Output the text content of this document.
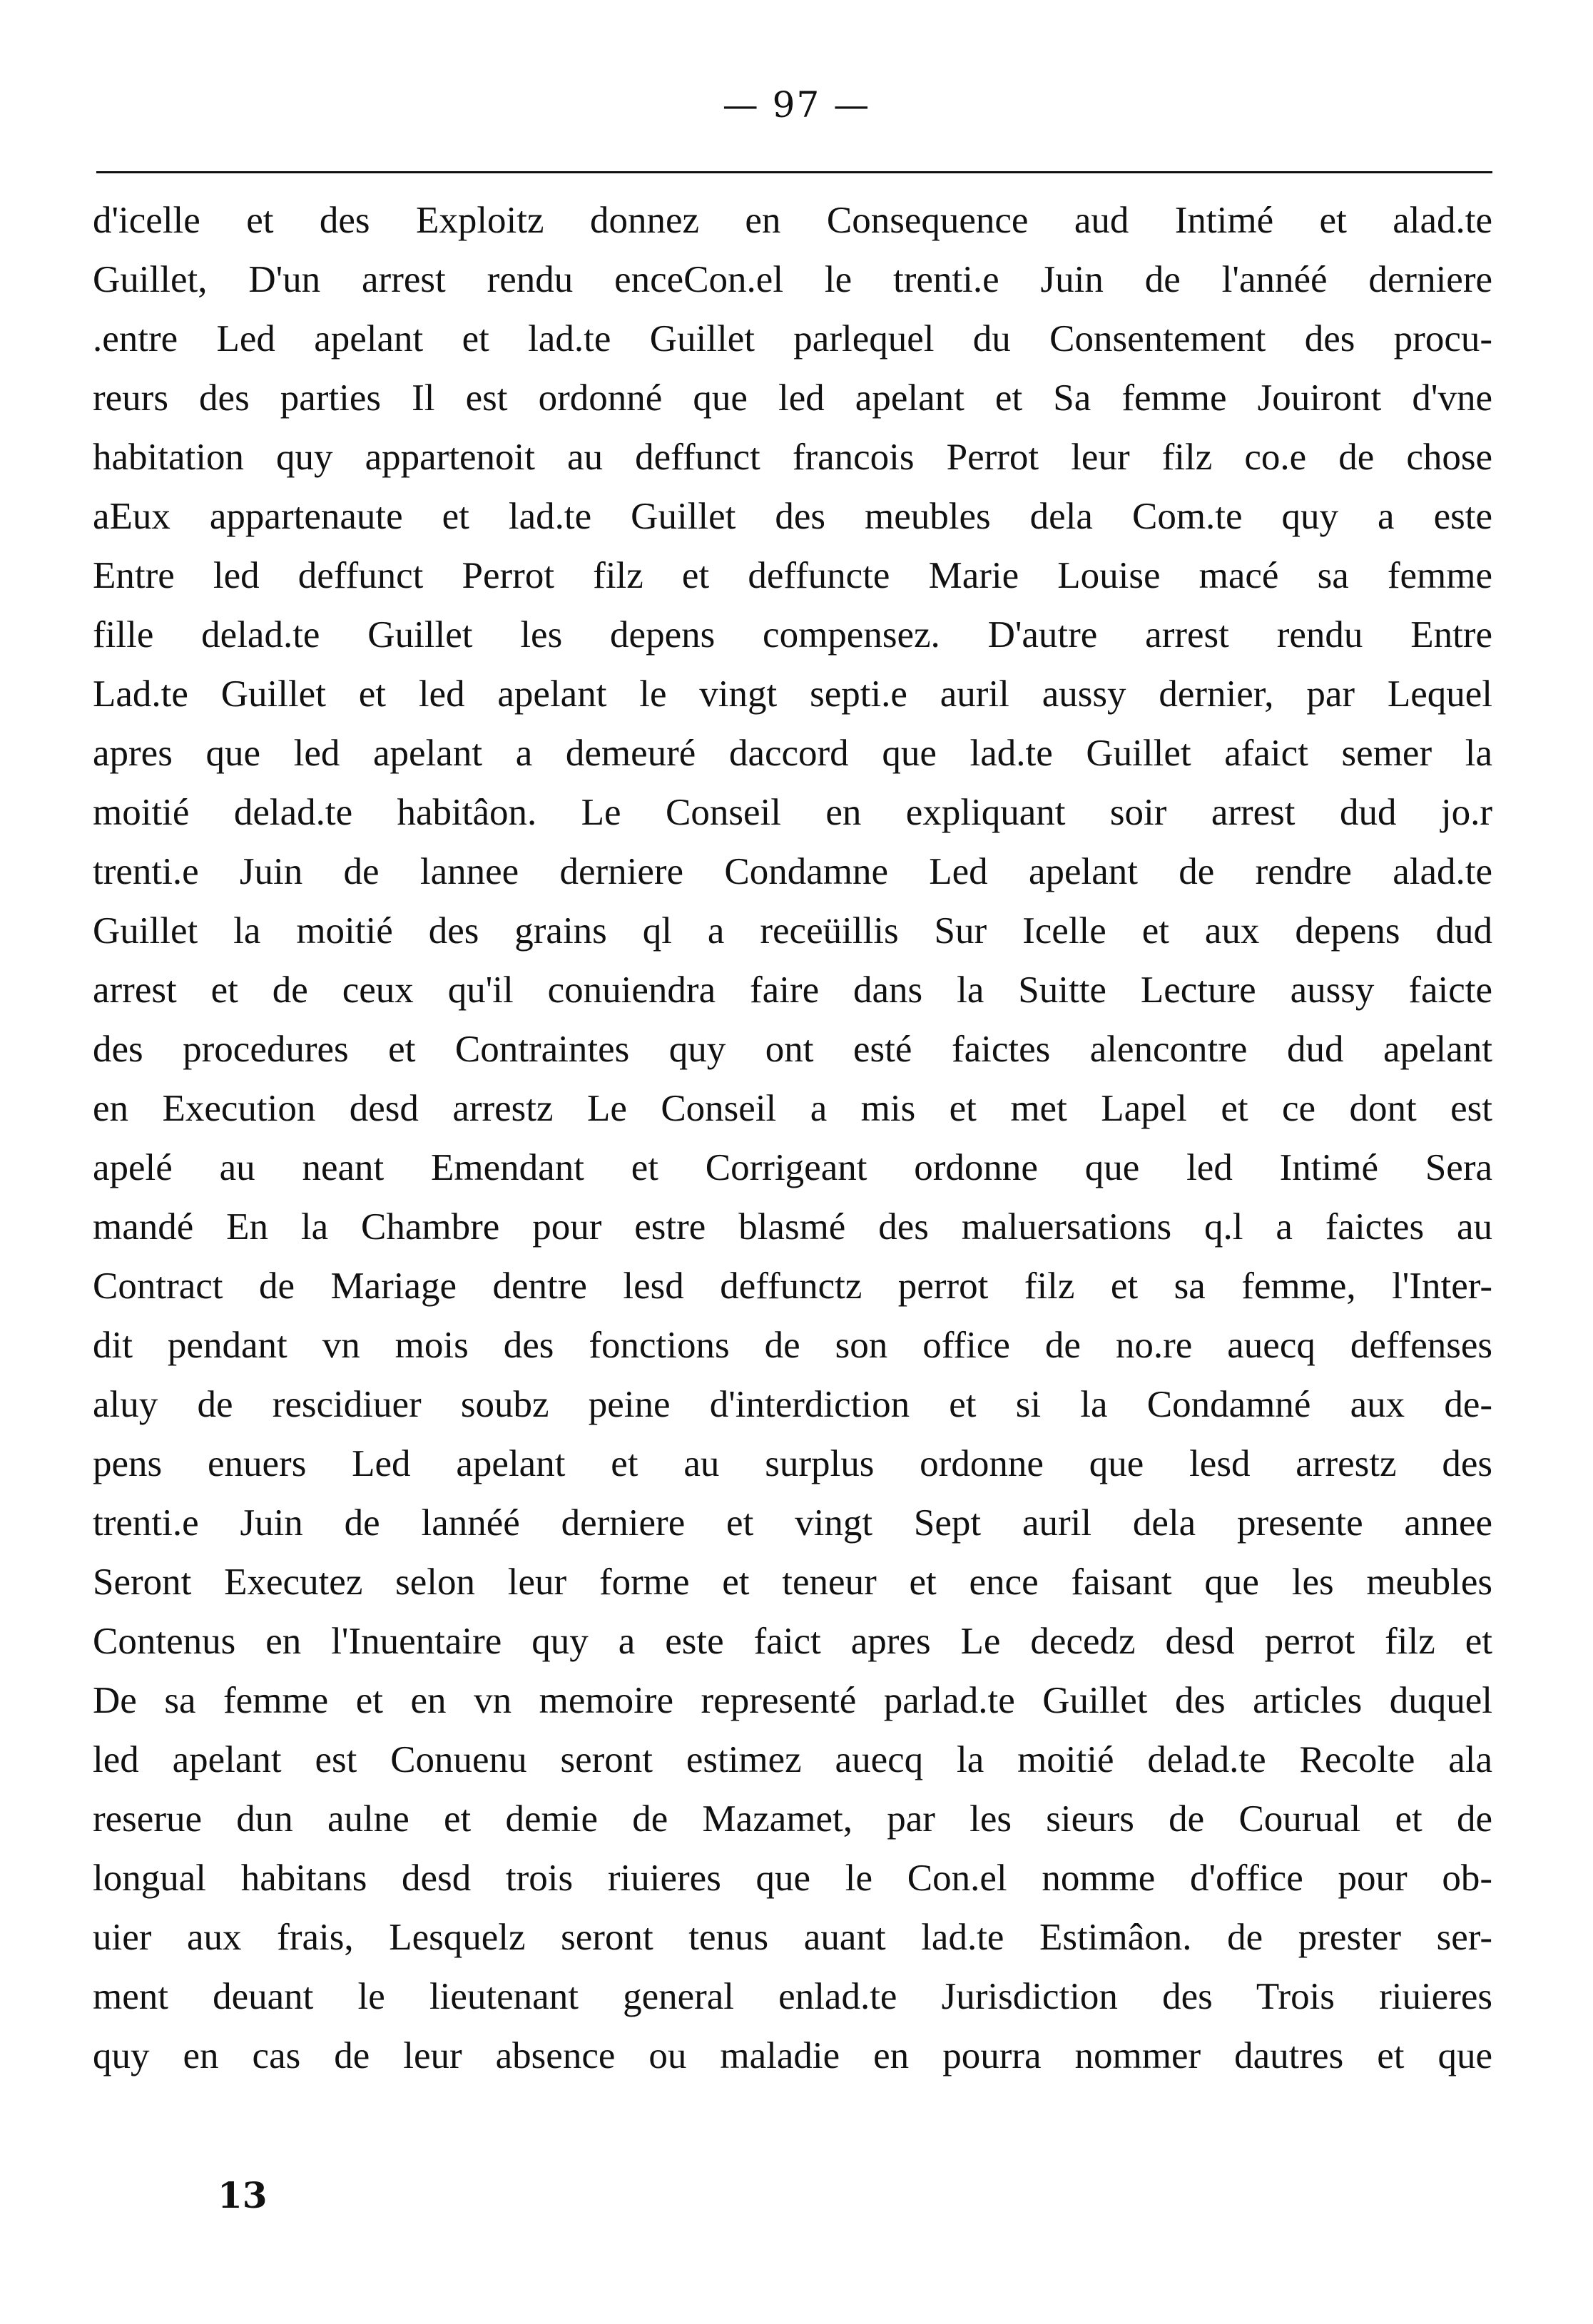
— 97 —
d'icelle et des Exploitz donnez en Consequence aud Intimé et alad.te
Guillet, D'un arrest rendu enceCon.el le trenti.e Juin de l'annéé derniere
.entre Led apelant et lad.te Guillet parlequel du Consentement des procu-
reurs des parties Il est ordonné que led apelant et Sa femme Jouiront d'vne
habitation quy appartenoit au deffunct francois Perrot leur filz co.e de chose
aEux appartenaute et lad.te Guillet des meubles dela Com.te quy a este
Entre led deffunct Perrot filz et deffuncte Marie Louise macé sa femme
fille delad.te Guillet les depens compensez. D'autre arrest rendu Entre
Lad.te Guillet et led apelant le vingt septi.e auril aussy dernier, par Lequel
apres que led apelant a demeuré daccord que lad.te Guillet afaict semer la
moitié delad.te habitâon. Le Conseil en expliquant soir arrest dud jo.r
trenti.e Juin de lannee derniere Condamne Led apelant de rendre alad.te
Guillet la moitié des grains ql a receüillis Sur Icelle et aux depens dud
arrest et de ceux qu'il conuiendra faire dans la Suitte Lecture aussy faicte
des procedures et Contraintes quy ont esté faictes alencontre dud apelant
en Execution desd arrestz Le Conseil a mis et met Lapel et ce dont est
apelé au neant Emendant et Corrigeant ordonne que led Intimé Sera
mandé En la Chambre pour estre blasmé des maluersations q.l a faictes au
Contract de Mariage dentre lesd deffunctz perrot filz et sa femme, l'Inter-
dit pendant vn mois des fonctions de son office de no.re auecq deffenses
aluy de rescidiuer soubz peine d'interdiction et si la Condamné aux de-
pens enuers Led apelant et au surplus ordonne que lesd arrestz des
trenti.e Juin de lannéé derniere et vingt Sept auril dela presente annee
Seront Executez selon leur forme et teneur et ence faisant que les meubles
Contenus en l'Inuentaire quy a este faict apres Le decedz desd perrot filz et
De sa femme et en vn memoire representé parlad.te Guillet des articles duquel
led apelant est Conuenu seront estimez auecq la moitié delad.te Recolte ala
reserue dun aulne et demie de Mazamet, par les sieurs de Courual et de
longual habitans desd trois riuieres que le Con.el nomme d'office pour ob-
uier aux frais, Lesquelz seront tenus auant lad.te Estimâon. de prester ser-
ment deuant le lieutenant general enlad.te Jurisdiction des Trois riuieres
quy en cas de leur absence ou maladie en pourra nommer dautres et que
13
